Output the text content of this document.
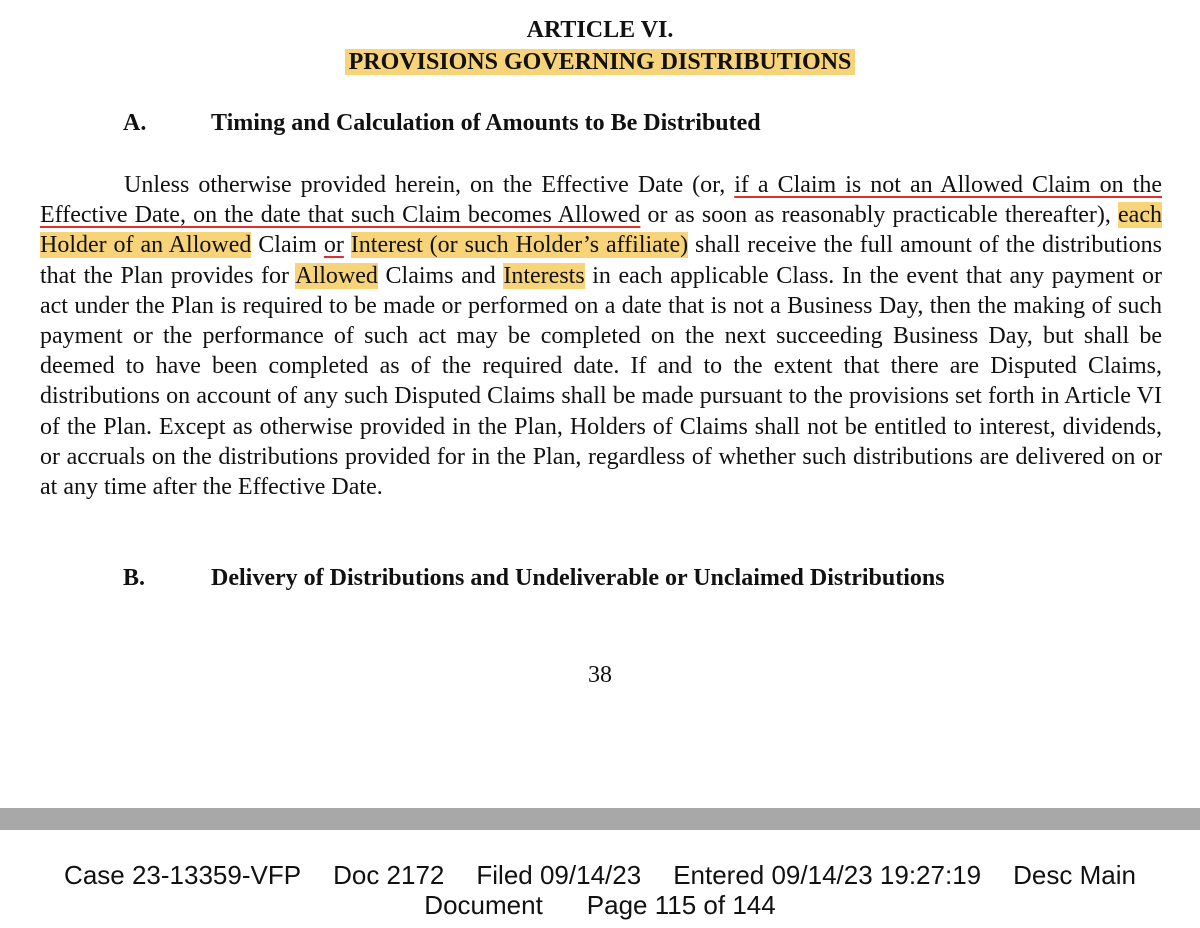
ARTICLE VI.
PROVISIONS GOVERNING DISTRIBUTIONS
A.	Timing and Calculation of Amounts to Be Distributed
Unless otherwise provided herein, on the Effective Date (or, if a Claim is not an Allowed Claim on the Effective Date, on the date that such Claim becomes Allowed or as soon as reasonably practicable thereafter), each Holder of an Allowed Claim or Interest (or such Holder’s affiliate) shall receive the full amount of the distributions that the Plan provides for Allowed Claims and Interests in each applicable Class. In the event that any payment or act under the Plan is required to be made or performed on a date that is not a Business Day, then the making of such payment or the performance of such act may be completed on the next succeeding Business Day, but shall be deemed to have been completed as of the required date. If and to the extent that there are Disputed Claims, distributions on account of any such Disputed Claims shall be made pursuant to the provisions set forth in Article VI of the Plan. Except as otherwise provided in the Plan, Holders of Claims shall not be entitled to interest, dividends, or accruals on the distributions provided for in the Plan, regardless of whether such distributions are delivered on or at any time after the Effective Date.
B.	Delivery of Distributions and Undeliverable or Unclaimed Distributions
38
Case 23-13359-VFP Doc 2172 Filed 09/14/23 Entered 09/14/23 19:27:19 Desc Main
Document Page 115 of 144
